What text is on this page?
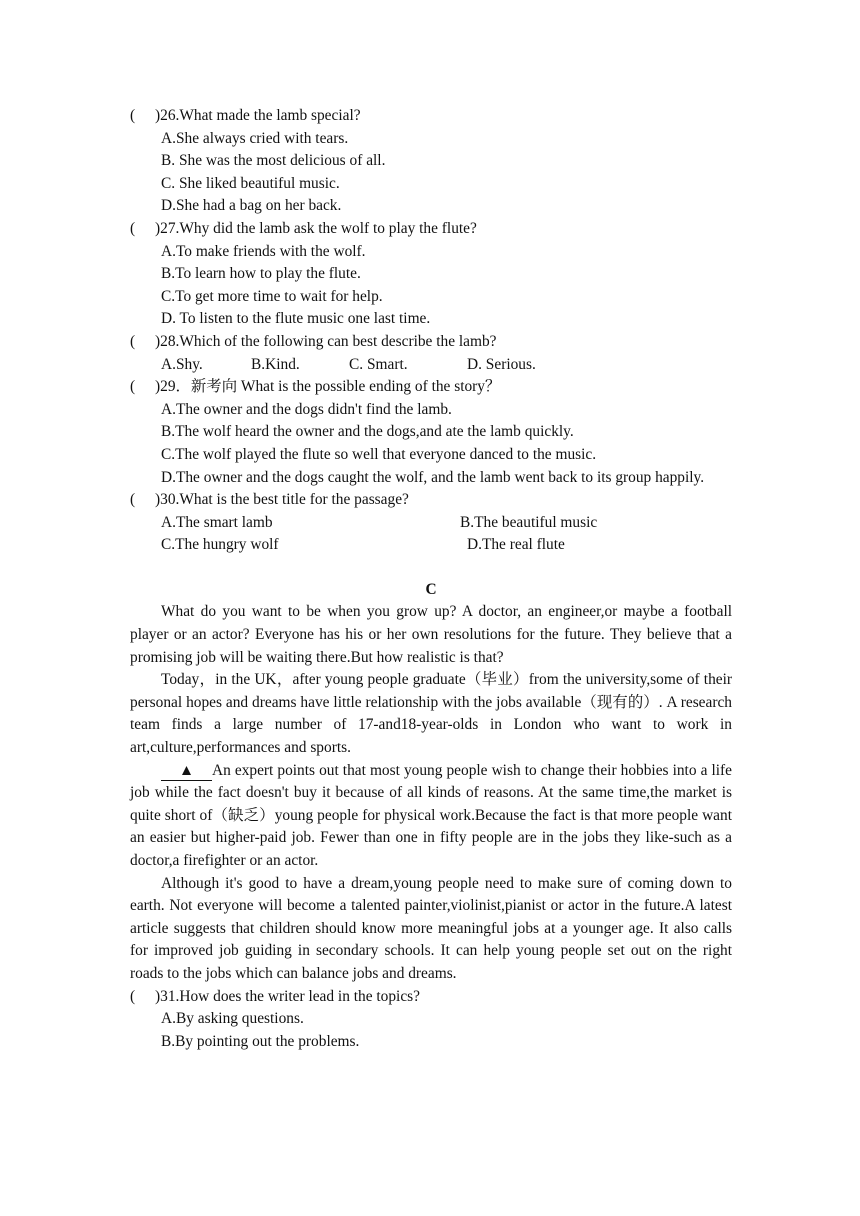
(	)26.What made the lamb special?
A.She always cried with tears.
B. She was the most delicious of all.
C. She liked beautiful music.
D.She had a bag on her back.
(	)27.Why did the lamb ask the wolf to play the flute?
A.To make friends with the wolf.
B.To learn how to play the flute.
C.To get more time to wait for help.
D. To listen to the flute music one last time.
(	)28.Which of the following can best describe the lamb?
A.Shy.	B.Kind.	C. Smart.	D. Serious.
(	)29．新考向 What is the possible ending of the story？
A.The owner and the dogs didn't find the lamb.
B.The wolf heard the owner and the dogs,and ate the lamb quickly.
C.The wolf played the flute so well that everyone danced to the music.
D.The owner and the dogs caught the wolf, and the lamb went back to its group happily.
(	)30.What is the best title for the passage?
A.The smart lamb	B.The beautiful music
C.The hungry wolf	D.The real flute
C
What do you want to be when you grow up? A doctor, an engineer,or maybe a football player or an actor? Everyone has his or her own resolutions for the future. They believe that a promising job will be waiting there.But how realistic is that?
Today，in the UK，after young people graduate（毕业）from the university,some of their personal hopes and dreams have little relationship with the jobs available（现有的）. A research team finds a large number of 17-and18-year-olds in London who want to work in art,culture,performances and sports.
▲ An expert points out that most young people wish to change their hobbies into a life job while the fact doesn't buy it because of all kinds of reasons. At the same time,the market is quite short of（缺乏）young people for physical work.Because the fact is that more people want an easier but higher-paid job. Fewer than one in fifty people are in the jobs they like-such as a doctor,a firefighter or an actor.
Although it's good to have a dream,young people need to make sure of coming down to earth. Not everyone will become a talented painter,violinist,pianist or actor in the future.A latest article suggests that children should know more meaningful jobs at a younger age. It also calls for improved job guiding in secondary schools. It can help young people set out on the right roads to the jobs which can balance jobs and dreams.
(	)31.How does the writer lead in the topics?
A.By asking questions.
B.By pointing out the problems.
